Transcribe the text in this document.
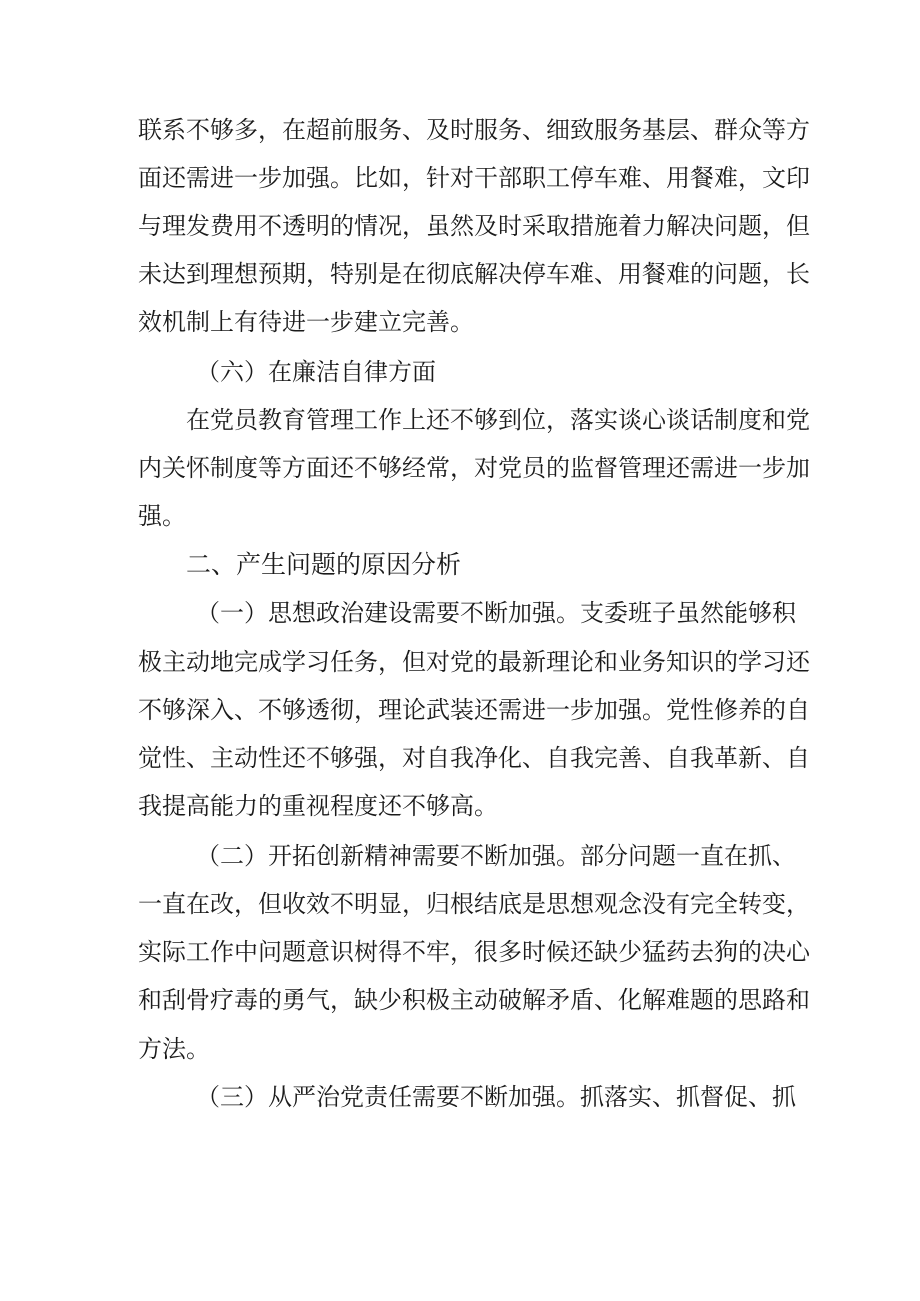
联系不够多，在超前服务、及时服务、细致服务基层、群众等方
面还需进一步加强。比如，针对干部职工停车难、用餐难，文印
与理发费用不透明的情况，虽然及时采取措施着力解决问题，但
未达到理想预期，特别是在彻底解决停车难、用餐难的问题，长
效机制上有待进一步建立完善。
（六）在廉洁自律方面
在党员教育管理工作上还不够到位，落实谈心谈话制度和党
内关怀制度等方面还不够经常，对党员的监督管理还需进一步加
强。
二、产生问题的原因分析
（一）思想政治建设需要不断加强。支委班子虽然能够积
极主动地完成学习任务，但对党的最新理论和业务知识的学习还
不够深入、不够透彻，理论武装还需进一步加强。党性修养的自
觉性、主动性还不够强，对自我净化、自我完善、自我革新、自
我提高能力的重视程度还不够高。
（二）开拓创新精神需要不断加强。部分问题一直在抓、
一直在改，但收效不明显，归根结底是思想观念没有完全转变，
实际工作中问题意识树得不牢，很多时候还缺少猛药去狗的决心
和刮骨疗毒的勇气，缺少积极主动破解矛盾、化解难题的思路和
方法。
（三）从严治党责任需要不断加强。抓落实、抓督促、抓
